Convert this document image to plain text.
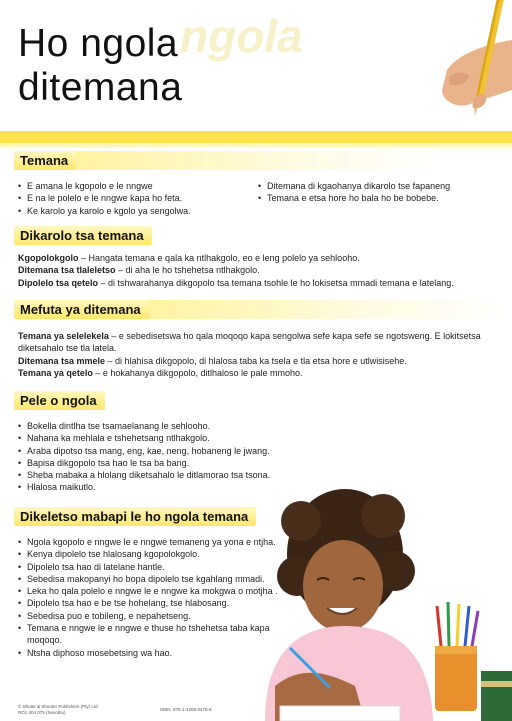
ngola
Ho ngola
ditemana
Temana
• E amana le kgopolo e le nngwe
• E na le polelo e le nngwe kapa ho feta.
• Ke karolo ya karolo e kgolo ya sengolwa.
• Ditemana di kgaohanya dikarolo tse fapaneng
• Temana e etsa hore ho bala ho be bobebe.
Dikarolo tsa temana
Kgopolokgolo – Hangata temana e qala ka ntlhakgolo, eo e leng polelo ya sehlooho.
Ditemana tsa tlaleletso – di aha le ho tshehetsa ntlhakgolo.
Dipolelo tsa qetelo – di tshwarahanya dikgopolo tsa temana tsohle le ho lokisetsa mmadi temana e latelang.
Mefuta ya ditemana
Temana ya selelekela – e sebedisetswa ho qala moqoqo kapa sengolwa sefe kapa sefe se ngotsweng. E lokitsetsa diketsahalo tse tla latela.
Ditemana tsa mmele – di hlahisa dikgopolo, di hlalosa taba ka tsela e tla etsa hore e utlwisisehe.
Temana ya qetelo – e hokahanya dikgopolo, ditlhaloso le pale mmoho.
Pele o ngola
• Bokella dintlha tse tsamaelanang le sehlooho.
• Nahana ka mehlala e tshehetsang ntlhakgolo.
• Araba dipotso tsa mang, eng, kae, neng, hobaneng le jwang.
• Bapisa dikgopolo tsa hao le tsa ba bang.
• Sheba mabaka a hlolang diketsahalo le ditlamorao tsa tsona.
• Hlalosa maikutlo.
Dikeletso mabapi le ho ngola temana
• Ngola kgopolo e nngwe le e nngwe temaneng ya yona e ntjha.
• Kenya dipolelo tse hlalosang kgopolokgolo.
• Dipolelo tsa hao di latelane hantle.
• Sebedisa makopanyi ho bopa dipolelo tse kgahlang mmadi.
• Leka ho qala polelo e nngwe le e nngwe ka mokgwa o motjha .
• Dipolelo tsa hao e be tse hohelang, tse hlabosang.
• Sebedisa puo e tobileng, e nepahetseng.
• Temana e nngwe le e nngwe e thuse ho tshehetsa taba kapa moqoqo.
• Ntsha diphoso mosebetsing wa hao.
© Shuter & Shooter Publishers (Pty) Ltd
RO1 404 075 (Sesotho)	ISBN: 978-1-4205-0476-8
